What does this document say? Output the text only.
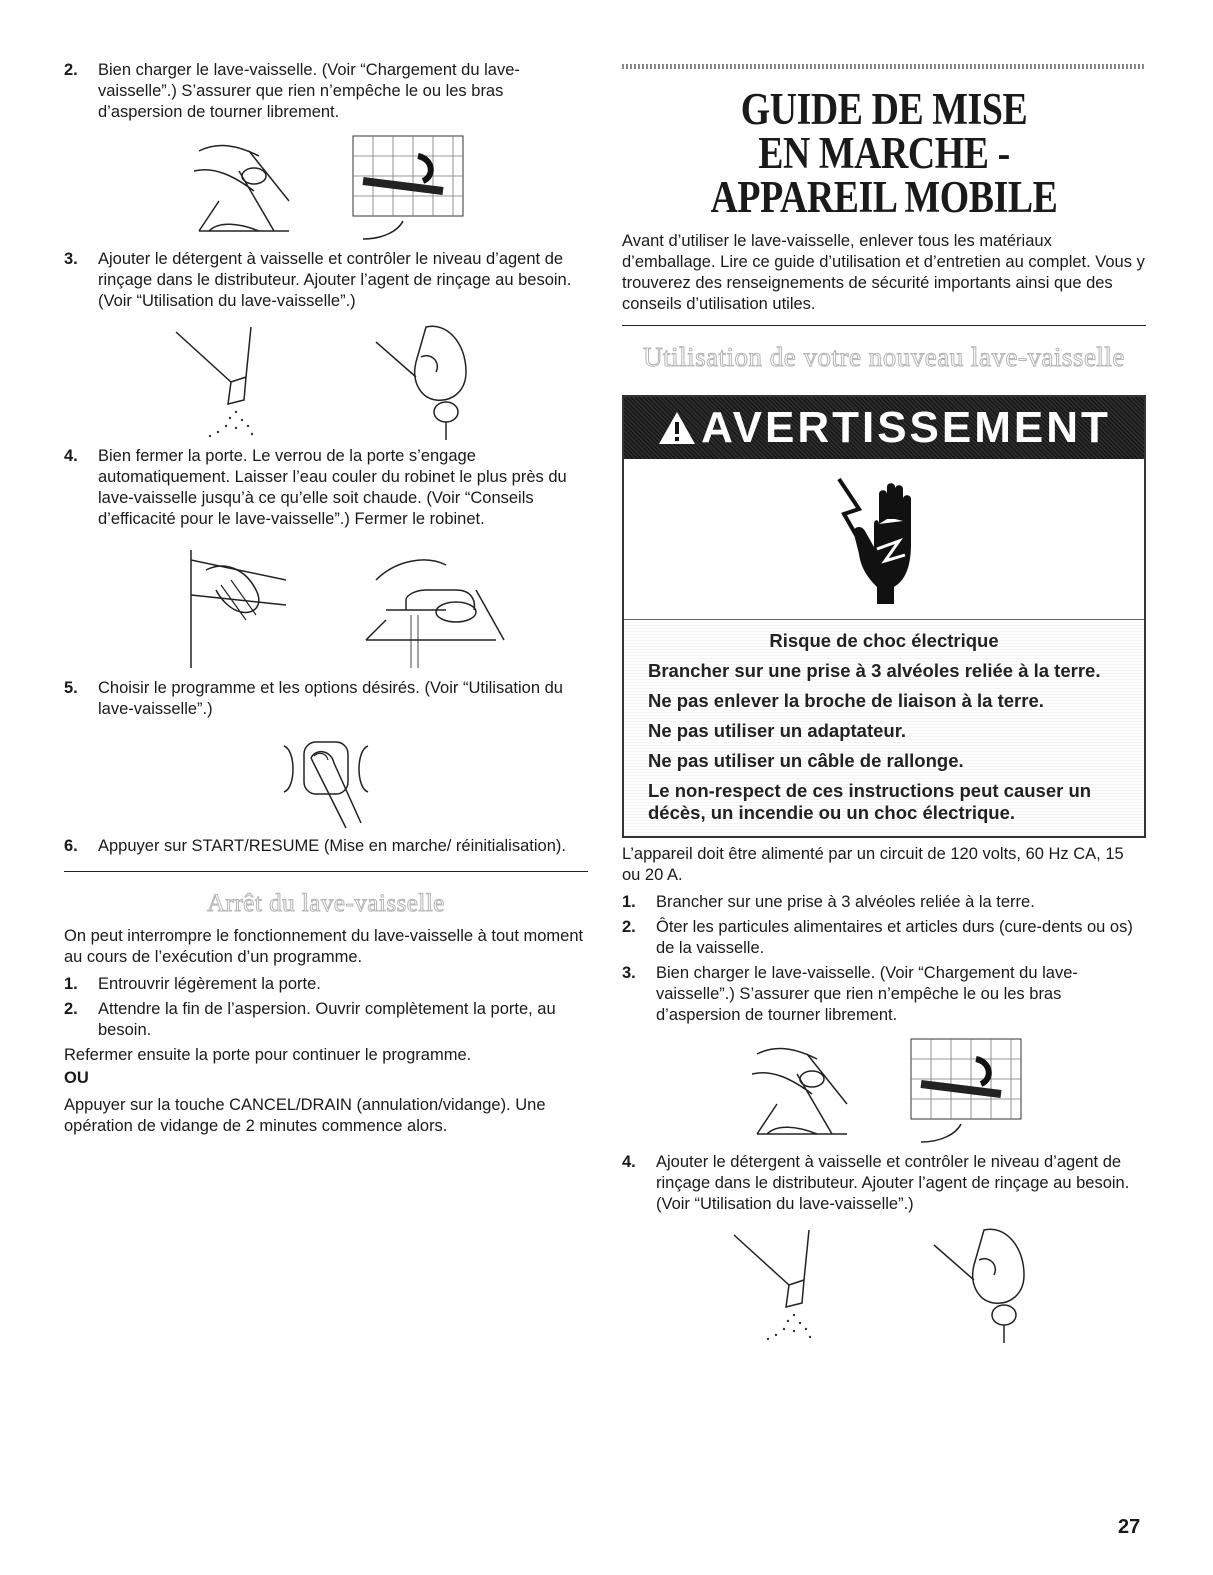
2.	Bien charger le lave-vaisselle. (Voir “Chargement du lave-vaisselle”.) S’assurer que rien n’empêche le ou les bras d’aspersion de tourner librement.
3.	Ajouter le détergent à vaisselle et contrôler le niveau d’agent de rinçage dans le distributeur. Ajouter l’agent de rinçage au besoin. (Voir “Utilisation du lave-vaisselle”.)
4.	Bien fermer la porte. Le verrou de la porte s’engage automatiquement. Laisser l’eau couler du robinet le plus près du lave-vaisselle jusqu’à ce qu’elle soit chaude. (Voir “Conseils d’efficacité pour le lave-vaisselle”.) Fermer le robinet.
5.	Choisir le programme et les options désirés. (Voir “Utilisation du lave-vaisselle”.)
6.	Appuyer sur START/RESUME (Mise en marche/ réinitialisation).
Arrêt du lave-vaisselle
On peut interrompre le fonctionnement du lave-vaisselle à tout moment au cours de l’exécution d’un programme.
1.	Entrouvrir légèrement la porte.
2.	Attendre la fin de l’aspersion. Ouvrir complètement la porte, au besoin.
Refermer ensuite la porte pour continuer le programme.
OU
Appuyer sur la touche CANCEL/DRAIN (annulation/vidange). Une opération de vidange de 2 minutes commence alors.
GUIDE DE MISE
EN MARCHE -
APPAREIL MOBILE
Avant d’utiliser le lave-vaisselle, enlever tous les matériaux d’emballage. Lire ce guide d’utilisation et d’entretien au complet. Vous y trouverez des renseignements de sécurité importants ainsi que des conseils d’utilisation utiles.
Utilisation de votre nouveau lave-vaisselle
AVERTISSEMENT

Risque de choc électrique

Brancher sur une prise à 3 alvéoles reliée à la terre.

Ne pas enlever la broche de liaison à la terre.

Ne pas utiliser un adaptateur.

Ne pas utiliser un câble de rallonge.

Le non-respect de ces instructions peut causer un décès, un incendie ou un choc électrique.

L’appareil doit être alimenté par un circuit de 120 volts, 60 Hz CA, 15 ou 20 A.
1.	Brancher sur une prise à 3 alvéoles reliée à la terre.
2.	Ôter les particules alimentaires et articles durs (cure-dents ou os) de la vaisselle.
3.	Bien charger le lave-vaisselle. (Voir “Chargement du lave-vaisselle”.) S’assurer que rien n’empêche le ou les bras d’aspersion de tourner librement.
4.	Ajouter le détergent à vaisselle et contrôler le niveau d’agent de rinçage dans le distributeur. Ajouter l’agent de rinçage au besoin. (Voir “Utilisation du lave-vaisselle”.)
27
